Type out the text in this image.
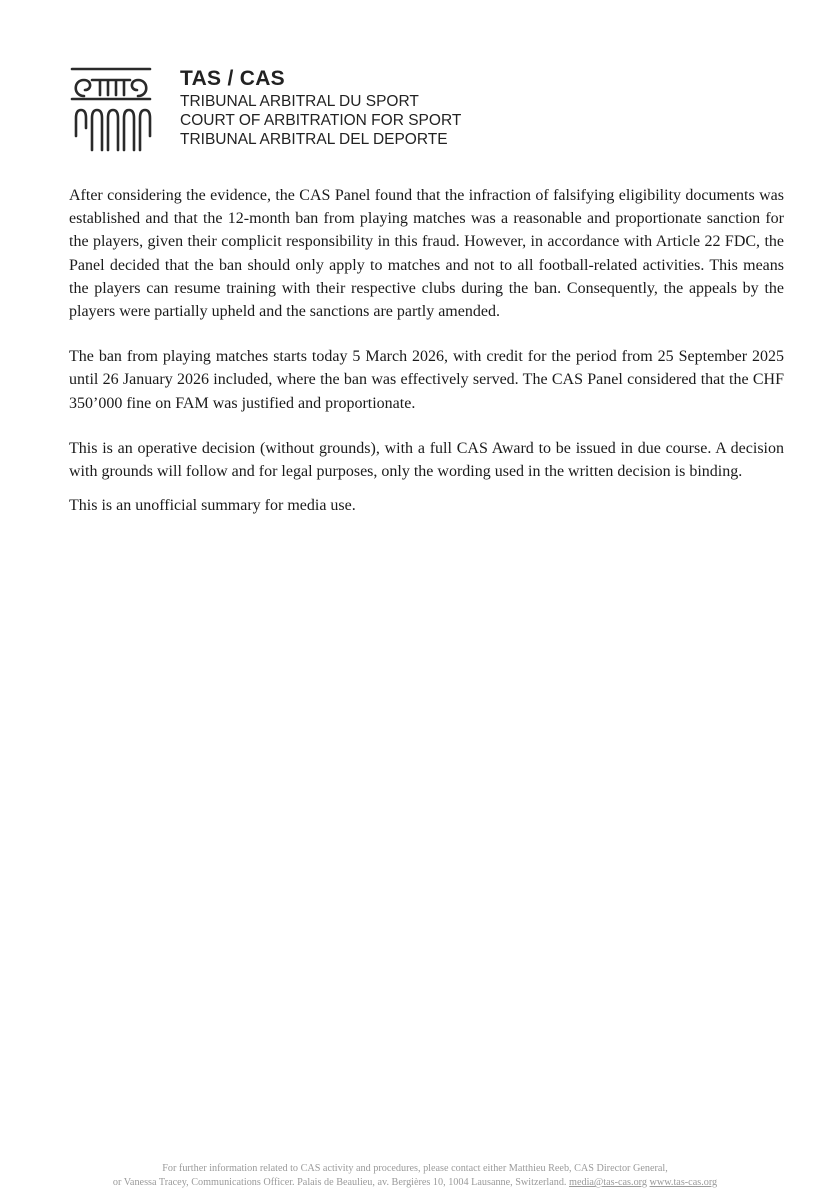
TAS / CAS
TRIBUNAL ARBITRAL DU SPORT
COURT OF ARBITRATION FOR SPORT
TRIBUNAL ARBITRAL DEL DEPORTE

After considering the evidence, the CAS Panel found that the infraction of falsifying eligibility documents was established and that the 12-month ban from playing matches was a reasonable and proportionate sanction for the players, given their complicit responsibility in this fraud. However, in accordance with Article 22 FDC, the Panel decided that the ban should only apply to matches and not to all football-related activities. This means the players can resume training with their respective clubs during the ban. Consequently, the appeals by the players were partially upheld and the sanctions are partly amended.

The ban from playing matches starts today 5 March 2026, with credit for the period from 25 September 2025 until 26 January 2026 included, where the ban was effectively served. The CAS Panel considered that the CHF 350’000 fine on FAM was justified and proportionate.

This is an operative decision (without grounds), with a full CAS Award to be issued in due course. A decision with grounds will follow and for legal purposes, only the wording used in the written decision is binding.

This is an unofficial summary for media use.

For further information related to CAS activity and procedures, please contact either Matthieu Reeb, CAS Director General,
or Vanessa Tracey, Communications Officer. Palais de Beaulieu, av. Bergières 10, 1004 Lausanne, Switzerland. media@tas-cas.org www.tas-cas.org
